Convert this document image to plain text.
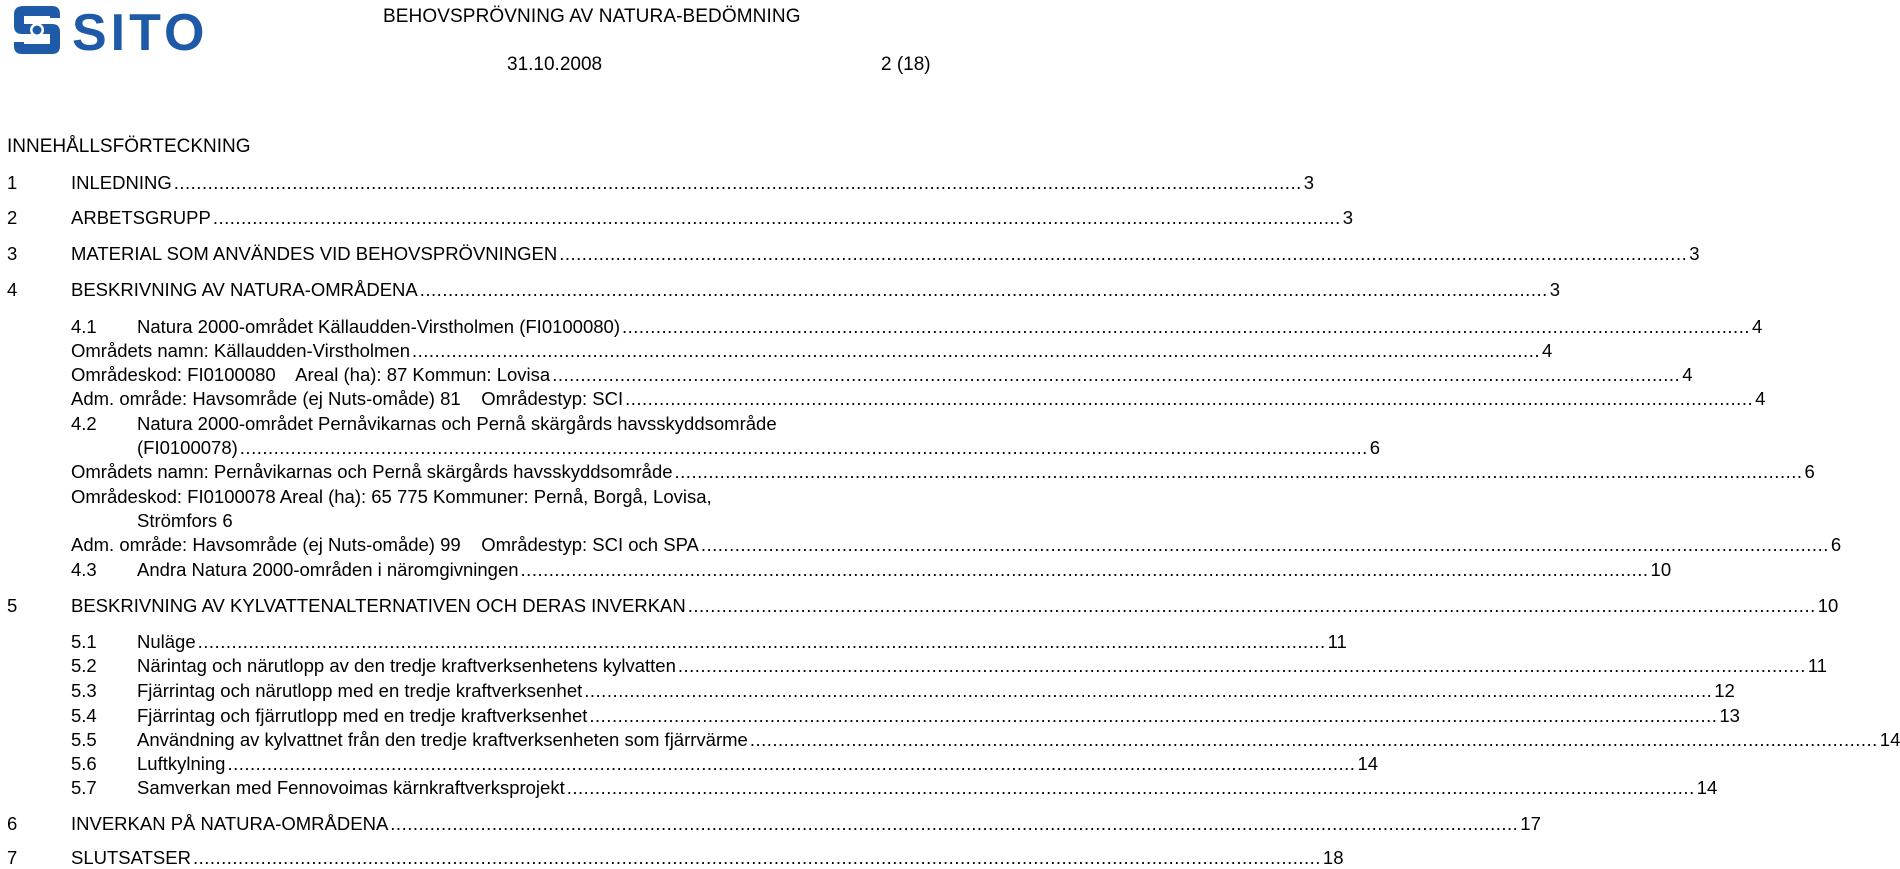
SITO	BEHOVSPRÖVNING AV NATURA-BEDÖMNING
31.10.2008	2 (18)
INNEHÅLLSFÖRTECKNING
1	INLEDNING ........................................................................................................................................................................................................ 3
2	ARBETSGRUPP ........................................................................................................................................................................................................ 3
3	MATERIAL SOM ANVÄNDES VID BEHOVSPRÖVNINGEN ........................................................................................................................................................................................................ 3
4	BESKRIVNING AV NATURA-OMRÅDENA ........................................................................................................................................................................................................ 3
4.1 Natura 2000-området Källaudden-Virstholmen (FI0100080) ........................................................................................................................................................................................................ 4
Områdets namn: Källaudden-Virstholmen ........................................................................................................................................................................................................ 4
Områdeskod: FI0100080    Areal (ha): 87 Kommun: Lovisa ........................................................................................................................................................................................................ 4
Adm. område: Havsområde (ej Nuts-omåde) 81    Områdestyp: SCI ........................................................................................................................................................................................................ 4
4.2 Natura 2000-området Pernåvikarnas och Pernå skärgårds havsskyddsområde
(FI0100078) ........................................................................................................................................................................................................ 6
Områdets namn: Pernåvikarnas och Pernå skärgårds havsskyddsområde ........................................................................................................................................................................................................ 6
Områdeskod: FI0100078 Areal (ha): 65 775 Kommuner: Pernå, Borgå, Lovisa,
Strömfors 6
Adm. område: Havsområde (ej Nuts-omåde) 99    Områdestyp: SCI och SPA ........................................................................................................................................................................................................ 6
4.3 Andra Natura 2000-områden i näromgivningen ........................................................................................................................................................................................................ 10
5	BESKRIVNING AV KYLVATTENALTERNATIVEN OCH DERAS INVERKAN ........................................................................................................................................................................................................ 10
5.1 Nuläge ........................................................................................................................................................................................................ 11
5.2 Närintag och närutlopp av den tredje kraftverksenhetens kylvatten ........................................................................................................................................................................................................ 11
5.3 Fjärrintag och närutlopp med en tredje kraftverksenhet ........................................................................................................................................................................................................ 12
5.4 Fjärrintag och fjärrutlopp med en tredje kraftverksenhet ........................................................................................................................................................................................................ 13
5.5 Användning av kylvattnet från den tredje kraftverksenheten som fjärrvärme ........................................................................................................................................................................................................ 14
5.6 Luftkylning ........................................................................................................................................................................................................ 14
5.7 Samverkan med Fennovoimas kärnkraftverksprojekt ........................................................................................................................................................................................................ 14
6	INVERKAN PÅ NATURA-OMRÅDENA ........................................................................................................................................................................................................ 17
7	SLUTSATSER ........................................................................................................................................................................................................ 18
